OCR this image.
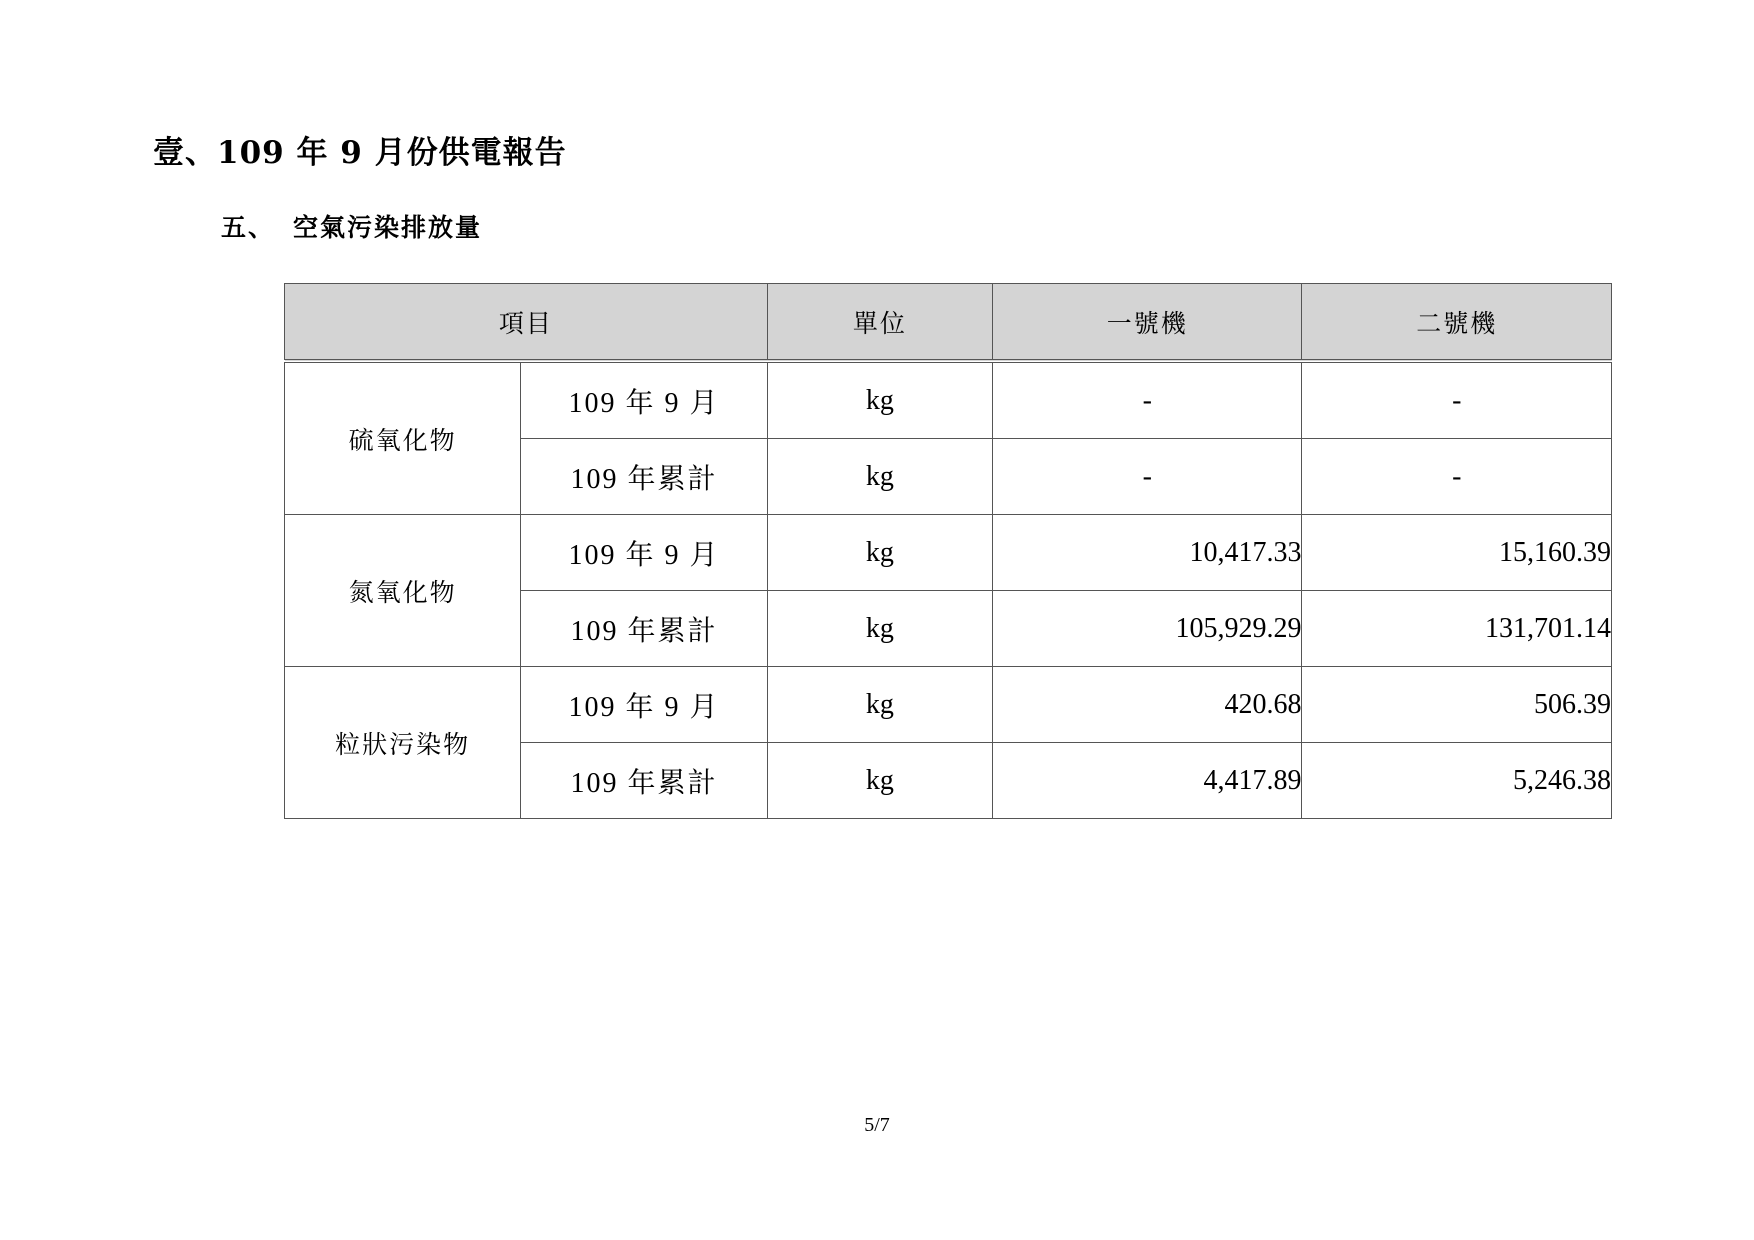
壹、109 年 9 月份供電報告
五、 空氣污染排放量
項目		單位	一號機	二號機
硫氧化物	109 年 9 月	kg	-	-
	109 年累計	kg	-	-
氮氧化物	109 年 9 月	kg	10,417.33	15,160.39
	109 年累計	kg	105,929.29	131,701.14
粒狀污染物	109 年 9 月	kg	420.68	506.39
	109 年累計	kg	4,417.89	5,246.38
5/7
